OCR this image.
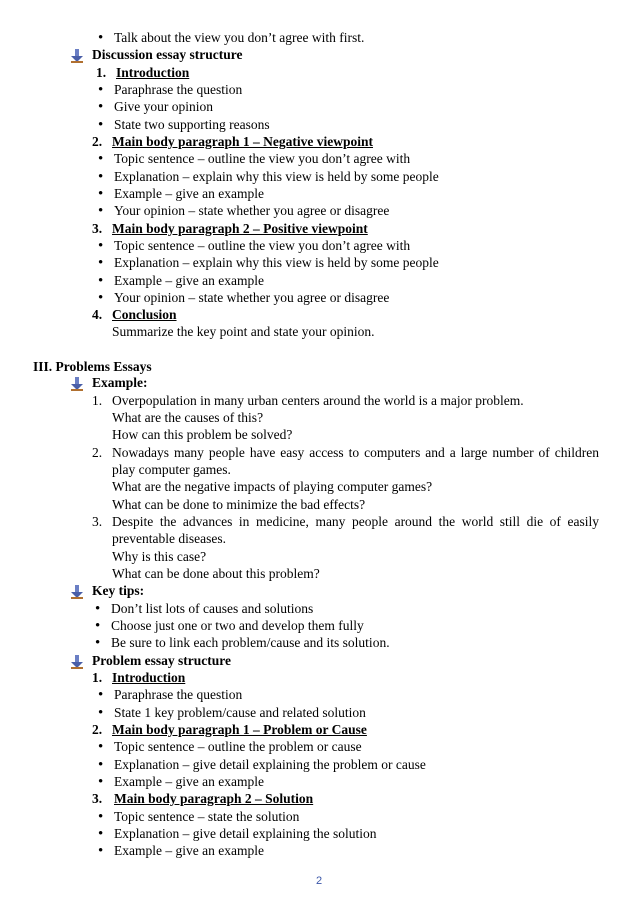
•Talk about the view you don’t agree with first.
Discussion essay structure
1. Introduction
•Paraphrase the question
•Give your opinion
•State two supporting reasons
2. Main body paragraph 1 – Negative viewpoint
•Topic sentence – outline the view you don’t agree with
•Explanation – explain why this view is held by some people
•Example – give an example
•Your opinion – state whether you agree or disagree
3. Main body paragraph 2 – Positive viewpoint
•Topic sentence – outline the view you don’t agree with
•Explanation – explain why this view is held by some people
•Example – give an example
•Your opinion – state whether you agree or disagree
4. Conclusion
Summarize the key point and state your opinion.
III. Problems Essays
Example:
1. Overpopulation in many urban centers around the world is a major problem.
What are the causes of this?
How can this problem be solved?
2. Nowadays many people have easy access to computers and a large number of children
play computer games.
What are the negative impacts of playing computer games?
What can be done to minimize the bad effects?
3. Despite the advances in medicine, many people around the world still die of easily
preventable diseases.
Why is this case?
What can be done about this problem?
Key tips:
•Don’t list lots of causes and solutions
•Choose just one or two and develop them fully
•Be sure to link each problem/cause and its solution.
Problem essay structure
1. Introduction
•Paraphrase the question
•State 1 key problem/cause and related solution
2. Main body paragraph 1 – Problem or Cause
•Topic sentence – outline the problem or cause
•Explanation – give detail explaining the problem or cause
•Example – give an example
3. Main body paragraph 2 – Solution
•Topic sentence – state the solution
•Explanation – give detail explaining the solution
•Example – give an example
2
